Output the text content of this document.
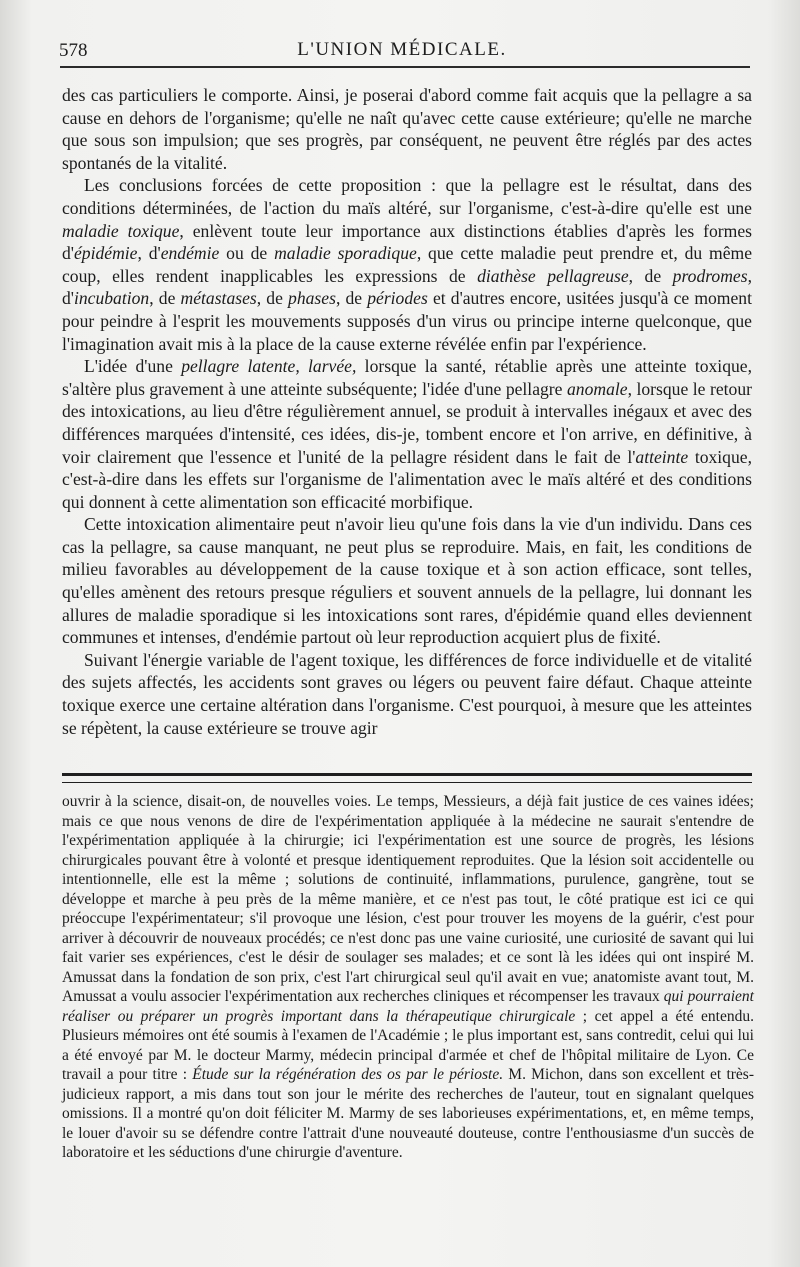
578	L'UNION MÉDICALE.

des cas particuliers le comporte. Ainsi, je poserai d'abord comme fait acquis que la pellagre a sa cause en dehors de l'organisme; qu'elle ne naît qu'avec cette cause extérieure; qu'elle ne marche que sous son impulsion; que ses progrès, par conséquent, ne peuvent être réglés par des actes spontanés de la vitalité.

Les conclusions forcées de cette proposition : que la pellagre est le résultat, dans des conditions déterminées, de l'action du maïs altéré, sur l'organisme, c'est-à-dire qu'elle est une maladie toxique, enlèvent toute leur importance aux distinctions établies d'après les formes d'épidémie, d'endémie ou de maladie sporadique, que cette maladie peut prendre et, du même coup, elles rendent inapplicables les expressions de diathèse pellagreuse, de prodromes, d'incubation, de métastases, de phases, de périodes et d'autres encore, usitées jusqu'à ce moment pour peindre à l'esprit les mouvements supposés d'un virus ou principe interne quelconque, que l'imagination avait mis à la place de la cause externe révélée enfin par l'expérience.

L'idée d'une pellagre latente, larvée, lorsque la santé, rétablie après une atteinte toxique, s'altère plus gravement à une atteinte subséquente; l'idée d'une pellagre anomale, lorsque le retour des intoxications, au lieu d'être régulièrement annuel, se produit à intervalles inégaux et avec des différences marquées d'intensité, ces idées, dis-je, tombent encore et l'on arrive, en définitive, à voir clairement que l'essence et l'unité de la pellagre résident dans le fait de l'atteinte toxique, c'est-à-dire dans les effets sur l'organisme de l'alimentation avec le maïs altéré et des conditions qui donnent à cette alimentation son efficacité morbifique.

Cette intoxication alimentaire peut n'avoir lieu qu'une fois dans la vie d'un individu. Dans ces cas la pellagre, sa cause manquant, ne peut plus se reproduire. Mais, en fait, les conditions de milieu favorables au développement de la cause toxique et à son action efficace, sont telles, qu'elles amènent des retours presque réguliers et souvent annuels de la pellagre, lui donnant les allures de maladie sporadique si les intoxications sont rares, d'épidémie quand elles deviennent communes et intenses, d'endémie partout où leur reproduction acquiert plus de fixité.

Suivant l'énergie variable de l'agent toxique, les différences de force individuelle et de vitalité des sujets affectés, les accidents sont graves ou légers ou peuvent faire défaut. Chaque atteinte toxique exerce une certaine altération dans l'organisme. C'est pourquoi, à mesure que les atteintes se répètent, la cause extérieure se trouve agir

ouvrir à la science, disait-on, de nouvelles voies. Le temps, Messieurs, a déjà fait justice de ces vaines idées; mais ce que nous venons de dire de l'expérimentation appliquée à la médecine ne saurait s'entendre de l'expérimentation appliquée à la chirurgie; ici l'expérimentation est une source de progrès, les lésions chirurgicales pouvant être à volonté et presque identiquement reproduites. Que la lésion soit accidentelle ou intentionnelle, elle est la même ; solutions de continuité, inflammations, purulence, gangrène, tout se développe et marche à peu près de la même manière, et ce n'est pas tout, le côté pratique est ici ce qui préoccupe l'expérimentateur; s'il provoque une lésion, c'est pour trouver les moyens de la guérir, c'est pour arriver à découvrir de nouveaux procédés; ce n'est donc pas une vaine curiosité, une curiosité de savant qui lui fait varier ses expériences, c'est le désir de soulager ses malades; et ce sont là les idées qui ont inspiré M. Amussat dans la fondation de son prix, c'est l'art chirurgical seul qu'il avait en vue; anatomiste avant tout, M. Amussat a voulu associer l'expérimentation aux recherches cliniques et récompenser les travaux qui pourraient réaliser ou préparer un progrès important dans la thérapeutique chirurgicale ; cet appel a été entendu. Plusieurs mémoires ont été soumis à l'examen de l'Académie ; le plus important est, sans contredit, celui qui lui a été envoyé par M. le docteur Marmy, médecin principal d'armée et chef de l'hôpital militaire de Lyon. Ce travail a pour titre : Étude sur la régénération des os par le périoste. M. Michon, dans son excellent et très-judicieux rapport, a mis dans tout son jour le mérite des recherches de l'auteur, tout en signalant quelques omissions. Il a montré qu'on doit féliciter M. Marmy de ses laborieuses expérimentations, et, en même temps, le louer d'avoir su se défendre contre l'attrait d'une nouveauté douteuse, contre l'enthousiasme d'un succès de laboratoire et les séductions d'une chirurgie d'aventure.
